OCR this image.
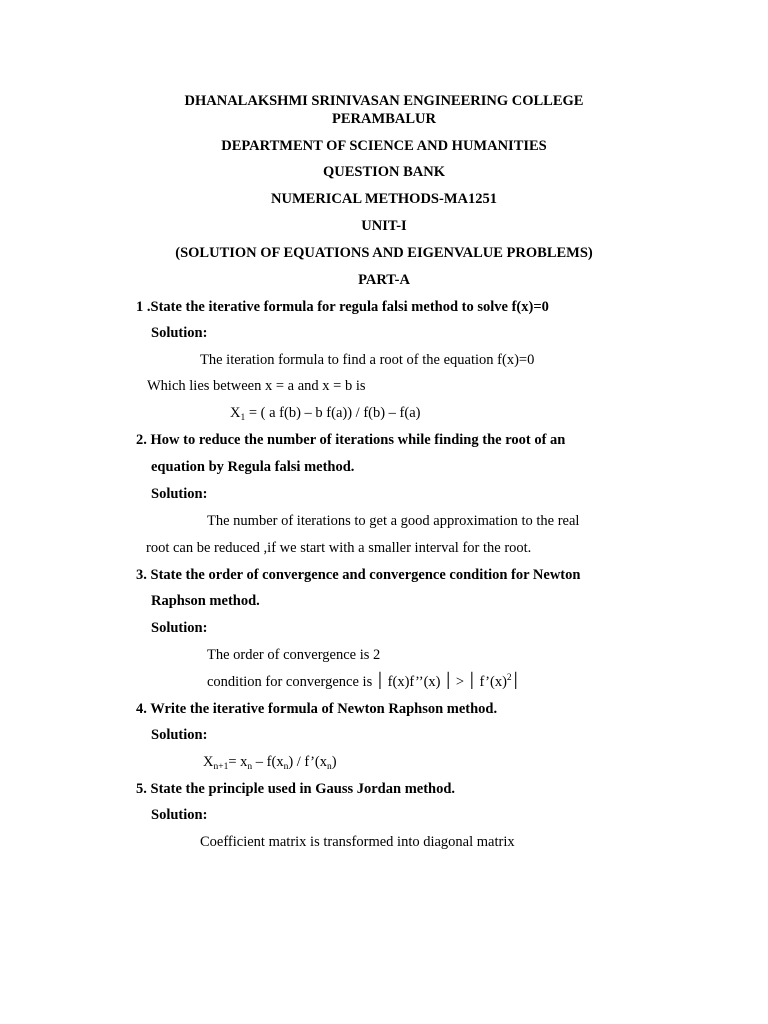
DHANALAKSHMI SRINIVASAN ENGINEERING COLLEGE
PERAMBALUR
DEPARTMENT OF SCIENCE AND HUMANITIES
QUESTION BANK
NUMERICAL METHODS-MA1251
UNIT-I
(SOLUTION OF EQUATIONS AND EIGENVALUE PROBLEMS)
PART-A
1 .State the iterative formula for regula falsi method to solve f(x)=0
Solution:
The iteration formula to find a root of the equation f(x)=0
Which lies between x = a and x = b is
$X_1$ = ( a f(b) – b f(a)) / f(b) – f(a)
2. How to reduce the number of iterations while finding the root of an
equation by Regula falsi method.
Solution:
The number of iterations to get a good approximation to the real
root can be reduced ,if we start with a smaller interval for the root.
3. State the order of convergence and convergence condition for Newton
Raphson method.
Solution:
The order of convergence is 2
condition for convergence is ׀ f(x)f’’(x) ׀ < ׀ f’(x)׀$^2$
4. Write the iterative formula of Newton Raphson method.
Solution:
$X_{n+1}= x_n - f(x_n)$ / $f’(x_n)$
5. State the principle used in Gauss Jordan method.
Solution:
Coefficient matrix is transformed into diagonal matrix
